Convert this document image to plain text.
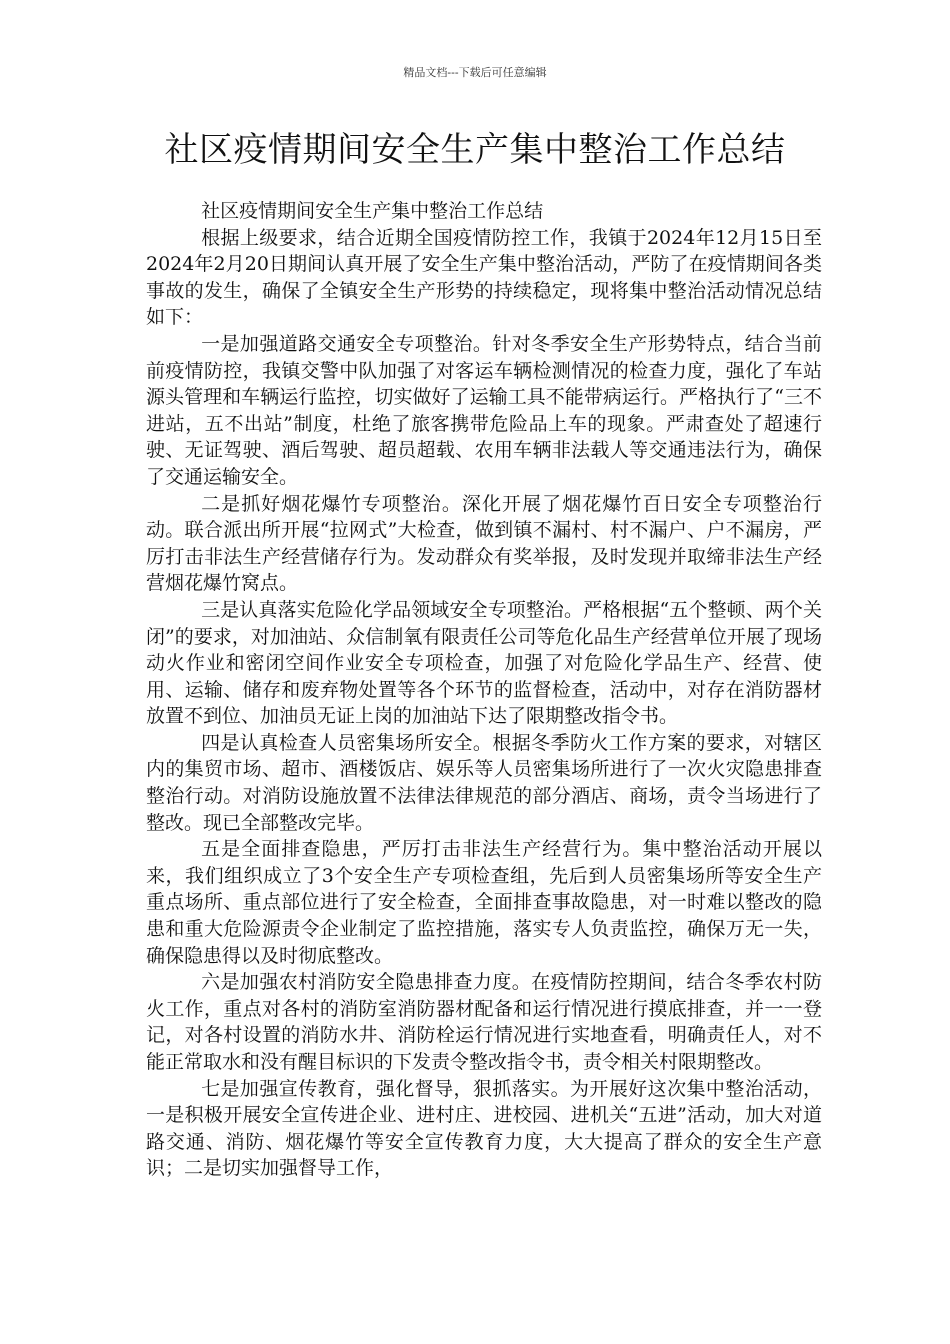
精品文档---下载后可任意编辑
社区疫情期间安全生产集中整治工作总结

社区疫情期间安全生产集中整治工作总结

根据上级要求，结合近期全国疫情防控工作，我镇于2024年12月15日至2024年2月20日期间认真开展了安全生产集中整治活动，严防了在疫情期间各类事故的发生，确保了全镇安全生产形势的持续稳定，现将集中整治活动情况总结如下：

一是加强道路交通安全专项整治。针对冬季安全生产形势特点，结合当前前疫情防控，我镇交警中队加强了对客运车辆检测情况的检查力度，强化了车站源头管理和车辆运行监控，切实做好了运输工具不能带病运行。严格执行了“三不进站，五不出站”制度，杜绝了旅客携带危险品上车的现象。严肃查处了超速行驶、无证驾驶、酒后驾驶、超员超载、农用车辆非法载人等交通违法行为，确保了交通运输安全。

二是抓好烟花爆竹专项整治。深化开展了烟花爆竹百日安全专项整治行动。联合派出所开展“拉网式”大检查，做到镇不漏村、村不漏户、户不漏房，严厉打击非法生产经营储存行为。发动群众有奖举报，及时发现并取缔非法生产经营烟花爆竹窝点。

三是认真落实危险化学品领域安全专项整治。严格根据“五个整顿、两个关闭”的要求，对加油站、众信制氧有限责任公司等危化品生产经营单位开展了现场动火作业和密闭空间作业安全专项检查，加强了对危险化学品生产、经营、使用、运输、储存和废弃物处置等各个环节的监督检查，活动中，对存在消防器材放置不到位、加油员无证上岗的加油站下达了限期整改指令书。

四是认真检查人员密集场所安全。根据冬季防火工作方案的要求，对辖区内的集贸市场、超市、酒楼饭店、娱乐等人员密集场所进行了一次火灾隐患排查整治行动。对消防设施放置不法律法律规范的部分酒店、商场，责令当场进行了整改。现已全部整改完毕。

五是全面排查隐患，严厉打击非法生产经营行为。集中整治活动开展以来，我们组织成立了3个安全生产专项检查组，先后到人员密集场所等安全生产重点场所、重点部位进行了安全检查，全面排查事故隐患，对一时难以整改的隐患和重大危险源责令企业制定了监控措施，落实专人负责监控，确保万无一失，确保隐患得以及时彻底整改。

六是加强农村消防安全隐患排查力度。在疫情防控期间，结合冬季农村防火工作，重点对各村的消防室消防器材配备和运行情况进行摸底排查，并一一登记，对各村设置的消防水井、消防栓运行情况进行实地查看，明确责任人，对不能正常取水和没有醒目标识的下发责令整改指令书，责令相关村限期整改。

七是加强宣传教育，强化督导，狠抓落实。为开展好这次集中整治活动，一是积极开展安全宣传进企业、进村庄、进校园、进机关“五进”活动，加大对道路交通、消防、烟花爆竹等安全宣传教育力度，大大提高了群众的安全生产意识；二是切实加强督导工作，
